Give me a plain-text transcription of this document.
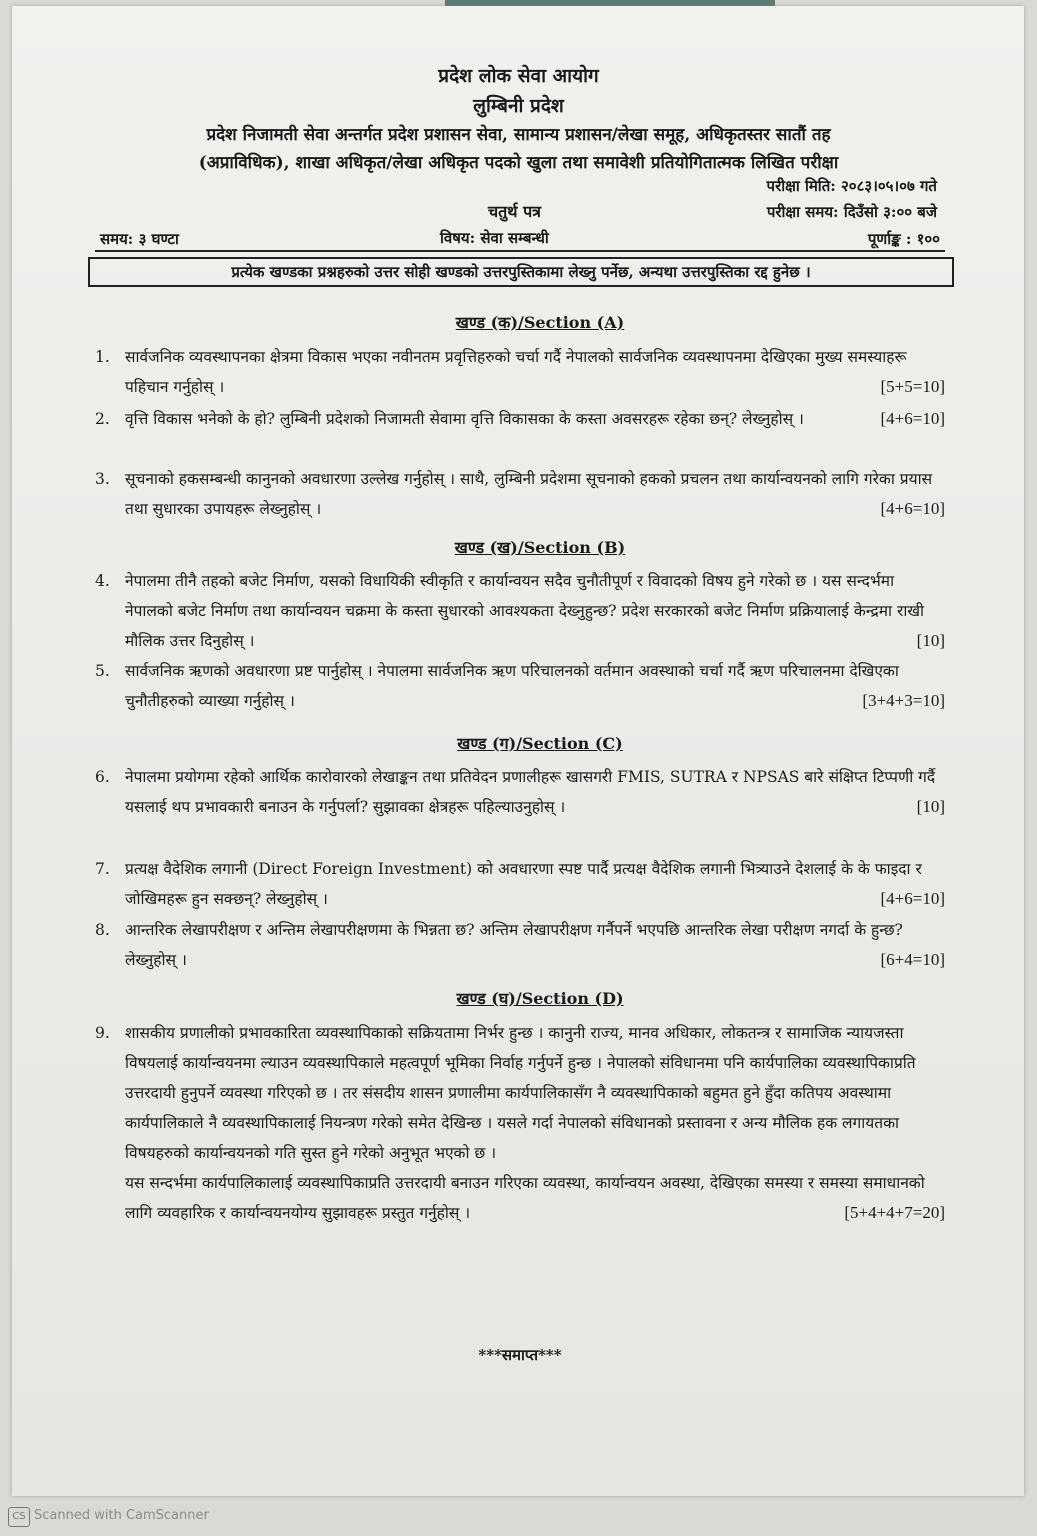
प्रदेश लोक सेवा आयोग
लुम्बिनी प्रदेश
प्रदेश निजामती सेवा अन्तर्गत प्रदेश प्रशासन सेवा, सामान्य प्रशासन/लेखा समूह, अधिकृतस्तर सातौं तह
(अप्राविधिक), शाखा अधिकृत/लेखा अधिकृत पदको खुला तथा समावेशी प्रतियोगितात्मक लिखित परीक्षा
परीक्षा मिति: २०८३।०५।०७ गते
चतुर्थ पत्र	परीक्षा समय: दिउँसो ३:०० बजे
समय: ३ घण्टा	विषय: सेवा सम्बन्धी	पूर्णाङ्क : १००
प्रत्येक खण्डका प्रश्नहरुको उत्तर सोही खण्डको उत्तरपुस्तिकामा लेख्नु पर्नेछ, अन्यथा उत्तरपुस्तिका रद्द हुनेछ ।
खण्ड (क)/Section (A)
1. सार्वजनिक व्यवस्थापनका क्षेत्रमा विकास भएका नवीनतम प्रवृत्तिहरुको चर्चा गर्दै नेपालको सार्वजनिक व्यवस्थापनमा देखिएका मुख्य समस्याहरू पहिचान गर्नुहोस् ।	[5+5=10]

2. वृत्ति विकास भनेको के हो? लुम्बिनी प्रदेशको निजामती सेवामा वृत्ति विकासका के कस्ता अवसरहरू रहेका छन्? लेख्नुहोस् ।	[4+6=10]

3. सूचनाको हकसम्बन्धी कानुनको अवधारणा उल्लेख गर्नुहोस् । साथै, लुम्बिनी प्रदेशमा सूचनाको हकको प्रचलन तथा कार्यान्वयनको लागि गरेका प्रयास तथा सुधारका उपायहरू लेख्नुहोस् ।	[4+6=10]

खण्ड (ख)/Section (B)
4. नेपालमा तीनै तहको बजेट निर्माण, यसको विधायिकी स्वीकृति र कार्यान्वयन सदैव चुनौतीपूर्ण र विवादको विषय हुने गरेको छ । यस सन्दर्भमा नेपालको बजेट निर्माण तथा कार्यान्वयन चक्रमा के कस्ता सुधारको आवश्यकता देख्नुहुन्छ? प्रदेश सरकारको बजेट निर्माण प्रक्रियालाई केन्द्रमा राखी मौलिक उत्तर दिनुहोस् ।	[10]

5. सार्वजनिक ऋणको अवधारणा प्रष्ट पार्नुहोस् । नेपालमा सार्वजनिक ऋण परिचालनको वर्तमान अवस्थाको चर्चा गर्दै ऋण परिचालनमा देखिएका चुनौतीहरुको व्याख्या गर्नुहोस् ।	[3+4+3=10]

खण्ड (ग)/Section (C)
6. नेपालमा प्रयोगमा रहेको आर्थिक कारोवारको लेखाङ्कन तथा प्रतिवेदन प्रणालीहरू खासगरी FMIS, SUTRA र NPSAS बारे संक्षिप्त टिप्पणी गर्दै यसलाई थप प्रभावकारी बनाउन के गर्नुपर्ला? सुझावका क्षेत्रहरू पहिल्याउनुहोस् ।	[10]

7. प्रत्यक्ष वैदेशिक लगानी (Direct Foreign Investment) को अवधारणा स्पष्ट पार्दै प्रत्यक्ष वैदेशिक लगानी भित्र्याउने देशलाई के के फाइदा र जोखिमहरू हुन सक्छन्? लेख्नुहोस् ।	[4+6=10]

8. आन्तरिक लेखापरीक्षण र अन्तिम लेखापरीक्षणमा के भिन्नता छ? अन्तिम लेखापरीक्षण गर्नैपर्ने भएपछि आन्तरिक लेखा परीक्षण नगर्दा के हुन्छ? लेख्नुहोस् ।	[6+4=10]

खण्ड (घ)/Section (D)
9. शासकीय प्रणालीको प्रभावकारिता व्यवस्थापिकाको सक्रियतामा निर्भर हुन्छ । कानुनी राज्य, मानव अधिकार, लोकतन्त्र र सामाजिक न्यायजस्ता विषयलाई कार्यान्वयनमा ल्याउन व्यवस्थापिकाले महत्वपूर्ण भूमिका निर्वाह गर्नुपर्ने हुन्छ । नेपालको संविधानमा पनि कार्यपालिका व्यवस्थापिकाप्रति उत्तरदायी हुनुपर्ने व्यवस्था गरिएको छ । तर संसदीय शासन प्रणालीमा कार्यपालिकासँग नै व्यवस्थापिकाको बहुमत हुने हुँदा कतिपय अवस्थामा कार्यपालिकाले नै व्यवस्थापिकालाई नियन्त्रण गरेको समेत देखिन्छ । यसले गर्दा नेपालको संविधानको प्रस्तावना र अन्य मौलिक हक लगायतका विषयहरुको कार्यान्वयनको गति सुस्त हुने गरेको अनुभूत भएको छ ।

यस सन्दर्भमा कार्यपालिकालाई व्यवस्थापिकाप्रति उत्तरदायी बनाउन गरिएका व्यवस्था, कार्यान्वयन अवस्था, देखिएका समस्या र समस्या समाधानको लागि व्यवहारिक र कार्यान्वयनयोग्य सुझावहरू प्रस्तुत गर्नुहोस् ।	[5+4+4+7=20]

***समाप्त***
CS Scanned with CamScanner
